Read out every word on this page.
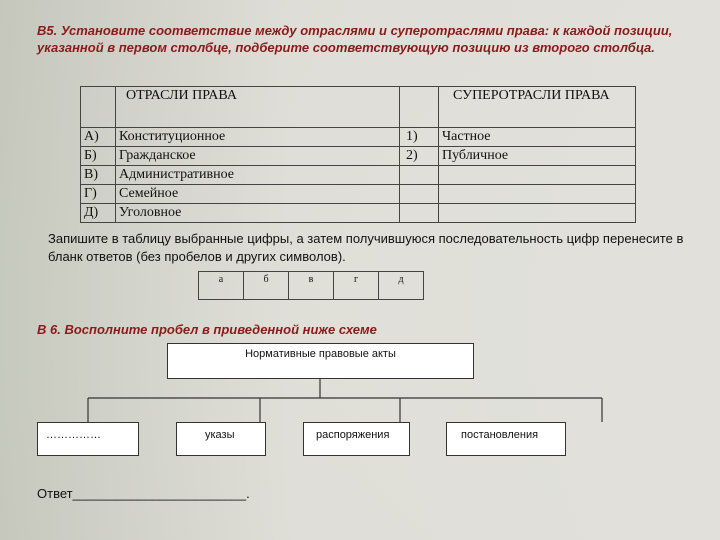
В5. Установите соответствие между отраслями и суперотраслями права: к каждой позиции, указанной в первом столбце, подберите соответствующую позицию из второго столбца.
	ОТРАСЛИ ПРАВА		СУПЕРОТРАСЛИ ПРАВА
А)	Конституционное	1)	Частное
Б)	Гражданское	2)	Публичное
В)	Административное		
Г)	Семейное		
Д)	Уголовное		
Запишите в таблицу выбранные цифры, а затем получившуюся последовательность цифр перенесите в бланк ответов (без пробелов и других символов).
а	б	в	г	д
В 6. Восполните пробел в приведенной ниже схеме
Нормативные правовые акты
……………	указы	распоряжения	постановления
Ответ________________________.
